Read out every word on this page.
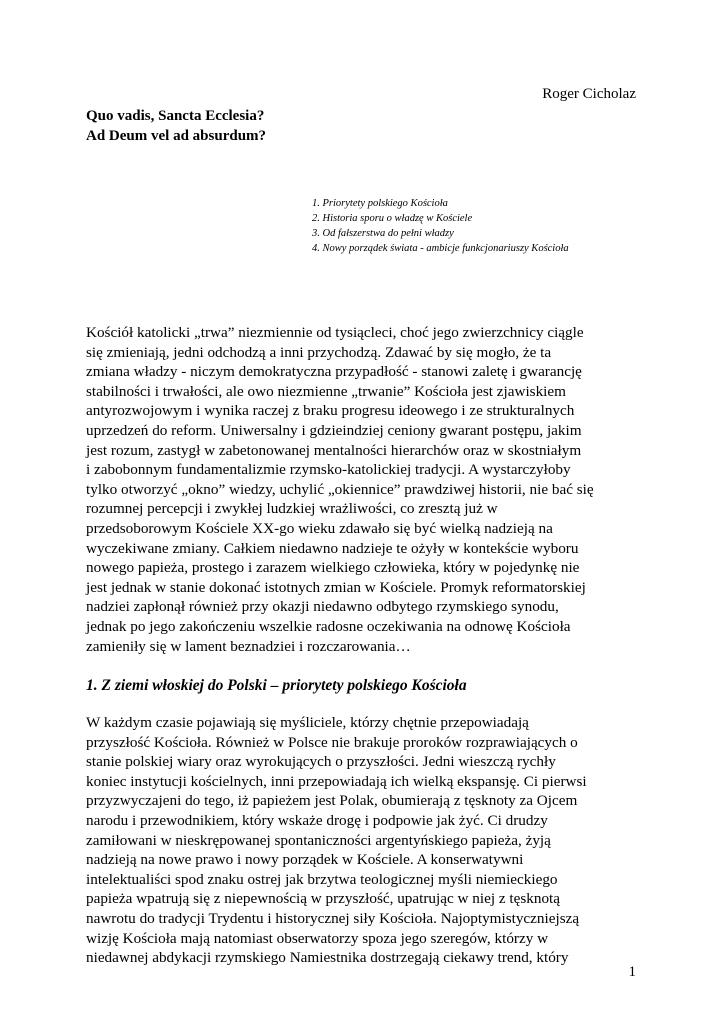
Roger Cicholaz
Quo vadis, Sancta Ecclesia?
Ad Deum vel ad absurdum?
1. Priorytety polskiego Kościoła
2. Historia sporu o władzę w Kościele
3. Od fałszerstwa do pełni władzy
4. Nowy porządek świata - ambicje funkcjonariuszy Kościoła
Kościół katolicki „trwa” niezmiennie od tysiącleci, choć jego zwierzchnicy ciągle
się zmieniają, jedni odchodzą a inni przychodzą. Zdawać by się mogło, że ta
zmiana władzy - niczym demokratyczna przypadłość - stanowi zaletę i gwarancję
stabilności i trwałości, ale owo niezmienne „trwanie” Kościoła jest zjawiskiem
antyrozwojowym i wynika raczej z braku progresu ideowego i ze strukturalnych
uprzedzeń do reform. Uniwersalny i gdzieindziej ceniony gwarant postępu, jakim
jest rozum, zastygł w zabetonowanej mentalności hierarchów oraz w skostniałym
i zabobonnym fundamentalizmie rzymsko-katolickiej tradycji. A wystarczyłoby
tylko otworzyć „okno” wiedzy, uchylić „okiennice” prawdziwej historii, nie bać się
rozumnej percepcji i zwykłej ludzkiej wrażliwości, co zresztą już w
przedsoborowym Kościele XX-go wieku zdawało się być wielką nadzieją na
wyczekiwane zmiany. Całkiem niedawno nadzieje te ożyły w kontekście wyboru
nowego papieża, prostego i zarazem wielkiego człowieka, który w pojedynkę nie
jest jednak w stanie dokonać istotnych zmian w Kościele. Promyk reformatorskiej
nadziei zapłonął również przy okazji niedawno odbytego rzymskiego synodu,
jednak po jego zakończeniu wszelkie radosne oczekiwania na odnowę Kościoła
zamieniły się w lament beznadziei i rozczarowania…
1. Z ziemi włoskiej do Polski – priorytety polskiego Kościoła
W każdym czasie pojawiają się myśliciele, którzy chętnie przepowiadają
przyszłość Kościoła. Również w Polsce nie brakuje proroków rozprawiających o
stanie polskiej wiary oraz wyrokujących o przyszłości. Jedni wieszczą rychły
koniec instytucji kościelnych, inni przepowiadają ich wielką ekspansję. Ci pierwsi
przyzwyczajeni do tego, iż papieżem jest Polak, obumierają z tęsknoty za Ojcem
narodu i przewodnikiem, który wskaże drogę i podpowie jak żyć. Ci drudzy
zamiłowani w nieskrępowanej spontaniczności argentyńskiego papieża, żyją
nadzieją na nowe prawo i nowy porządek w Kościele. A konserwatywni
intelektualiści spod znaku ostrej jak brzytwa teologicznej myśli niemieckiego
papieża wpatrują się z niepewnością w przyszłość, upatrując w niej z tęsknotą
nawrotu do tradycji Trydentu i historycznej siły Kościoła. Najoptymistyczniejszą
wizję Kościoła mają natomiast obserwatorzy spoza jego szeregów, którzy w
niedawnej abdykacji rzymskiego Namiestnika dostrzegają ciekawy trend, który
1
